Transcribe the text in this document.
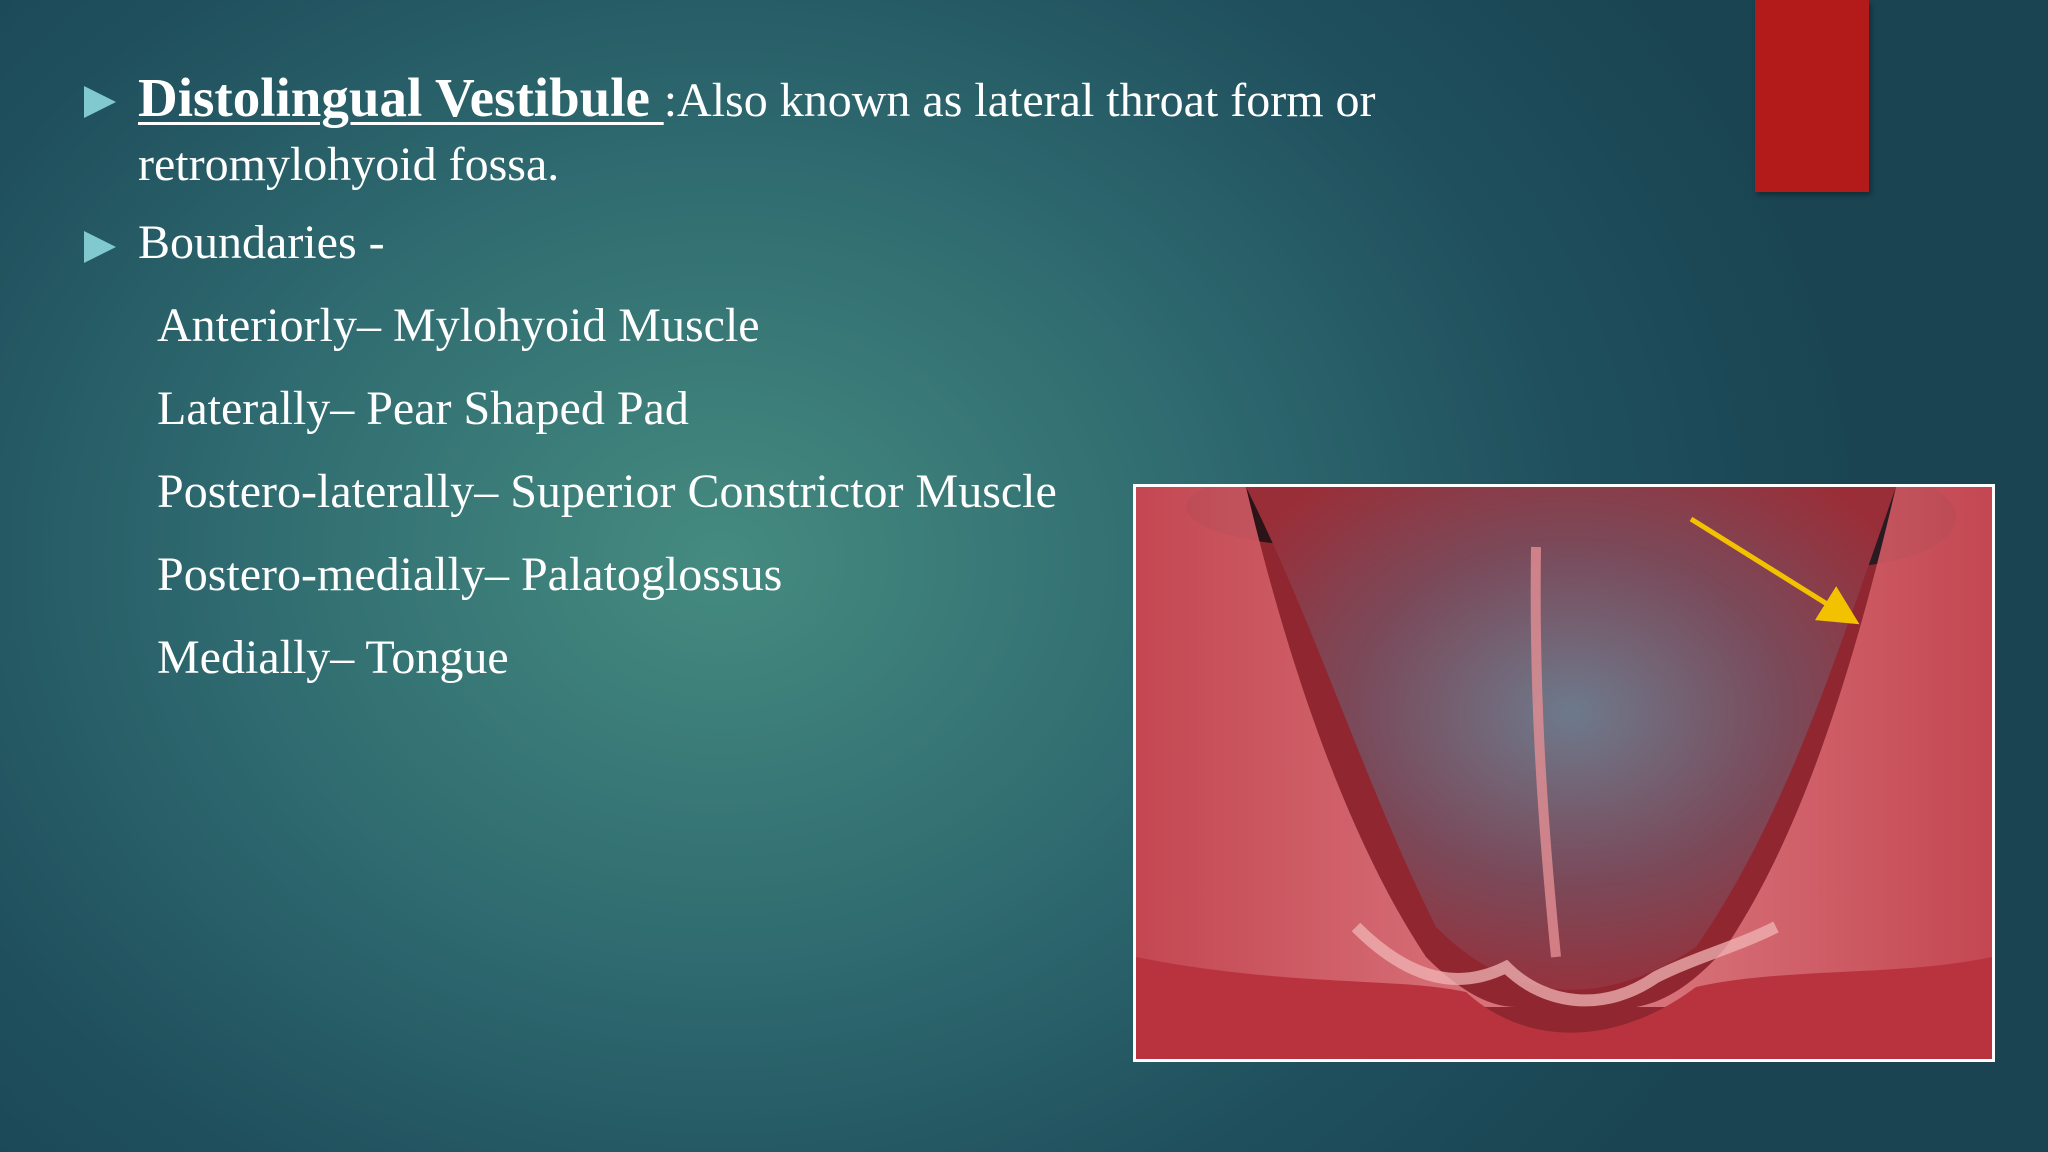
Distolingual Vestibule :Also known as lateral throat form or retromylohyoid fossa.
Boundaries -
Anteriorly– Mylohyoid Muscle
Laterally– Pear Shaped Pad
Postero-laterally– Superior Constrictor Muscle
Postero-medially– Palatoglossus
Medially– Tongue
